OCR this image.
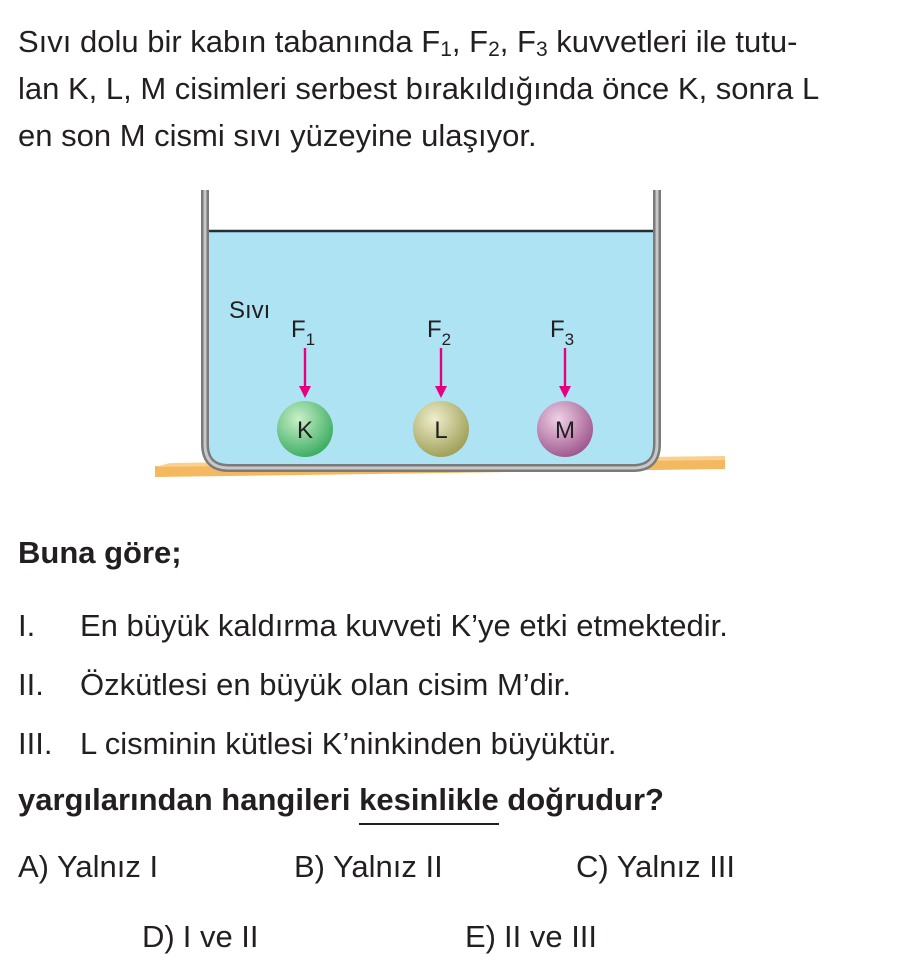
Sıvı dolu bir kabın tabanında $F_1$, $F_2$, $F_3$ kuvvetleri ile tutu-

lan K, L, M cisimleri serbest bırakıldığında önce K, sonra L

en son M cismi sıvı yüzeyine ulaşıyor.

Sıvı
$F_1$
K
$F_2$
L
$F_3$
M
Buna göre;
I. En büyük kaldırma kuvveti K’ye etki etmektedir.
II. Özkütlesi en büyük olan cisim M’dir.
III. L cisminin kütlesi K’ninkinden büyüktür.
yargılarından hangileri kesinlikle doğrudur?
A) Yalnız I	B) Yalnız II	C) Yalnız III
D) I ve II	E) II ve III
